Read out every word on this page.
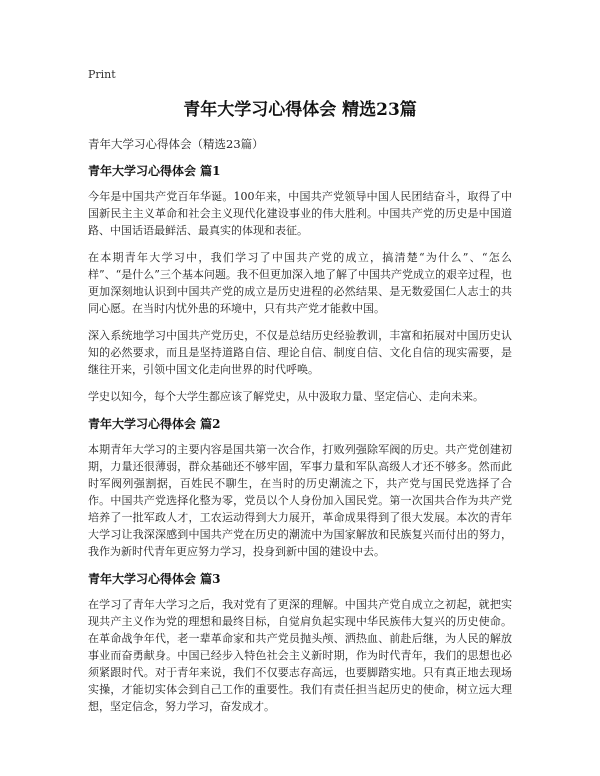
Print
青年大学习心得体会 精选23篇

青年大学习心得体会（精选23篇）

青年大学习心得体会 篇1

今年是中国共产党百年华诞。100年来，中国共产党领导中国人民团结奋斗，取得了中国新民主主义革命和社会主义现代化建设事业的伟大胜利。中国共产党的历史是中国道路、中国话语最鲜活、最真实的体现和表征。

在本期青年大学习中，我们学习了中国共产党的成立，搞清楚“为什么”、“怎么样”、“是什么”三个基本问题。我不但更加深入地了解了中国共产党成立的艰辛过程，也更加深刻地认识到中国共产党的成立是历史进程的必然结果、是无数爱国仁人志士的共同心愿。在当时内忧外患的环境中，只有共产党才能救中国。

深入系统地学习中国共产党历史，不仅是总结历史经验教训，丰富和拓展对中国历史认知的必然要求，而且是坚持道路自信、理论自信、制度自信、文化自信的现实需要，是继往开来，引领中国文化走向世界的时代呼唤。

学史以知今，每个大学生都应该了解党史，从中汲取力量、坚定信心、走向未来。

青年大学习心得体会 篇2

本期青年大学习的主要内容是国共第一次合作，打败列强除军阀的历史。共产党创建初期，力量还很薄弱，群众基础还不够牢固，军事力量和军队高级人才还不够多。然而此时军阀列强割据，百姓民不聊生，在当时的历史潮流之下，共产党与国民党选择了合作。中国共产党选择化整为零，党员以个人身份加入国民党。第一次国共合作为共产党培养了一批军政人才，工农运动得到大力展开，革命成果得到了很大发展。本次的青年大学习让我深深感到中国共产党在历史的潮流中为国家解放和民族复兴而付出的努力，我作为新时代青年更应努力学习，投身到新中国的建设中去。

青年大学习心得体会 篇3

在学习了青年大学习之后，我对党有了更深的理解。中国共产党自成立之初起，就把实现共产主义作为党的理想和最终目标，自觉肩负起实现中华民族伟大复兴的历史使命。在革命战争年代，老一辈革命家和共产党员抛头颅、洒热血、前赴后继，为人民的解放事业而奋勇献身。中国已经步入特色社会主义新时期，作为时代青年，我们的思想也必须紧跟时代。对于青年来说，我们不仅要志存高远，也要脚踏实地。只有真正地去现场实操，才能切实体会到自己工作的重要性。我们有责任担当起历史的使命，树立远大理想，坚定信念，努力学习，奋发成才。
